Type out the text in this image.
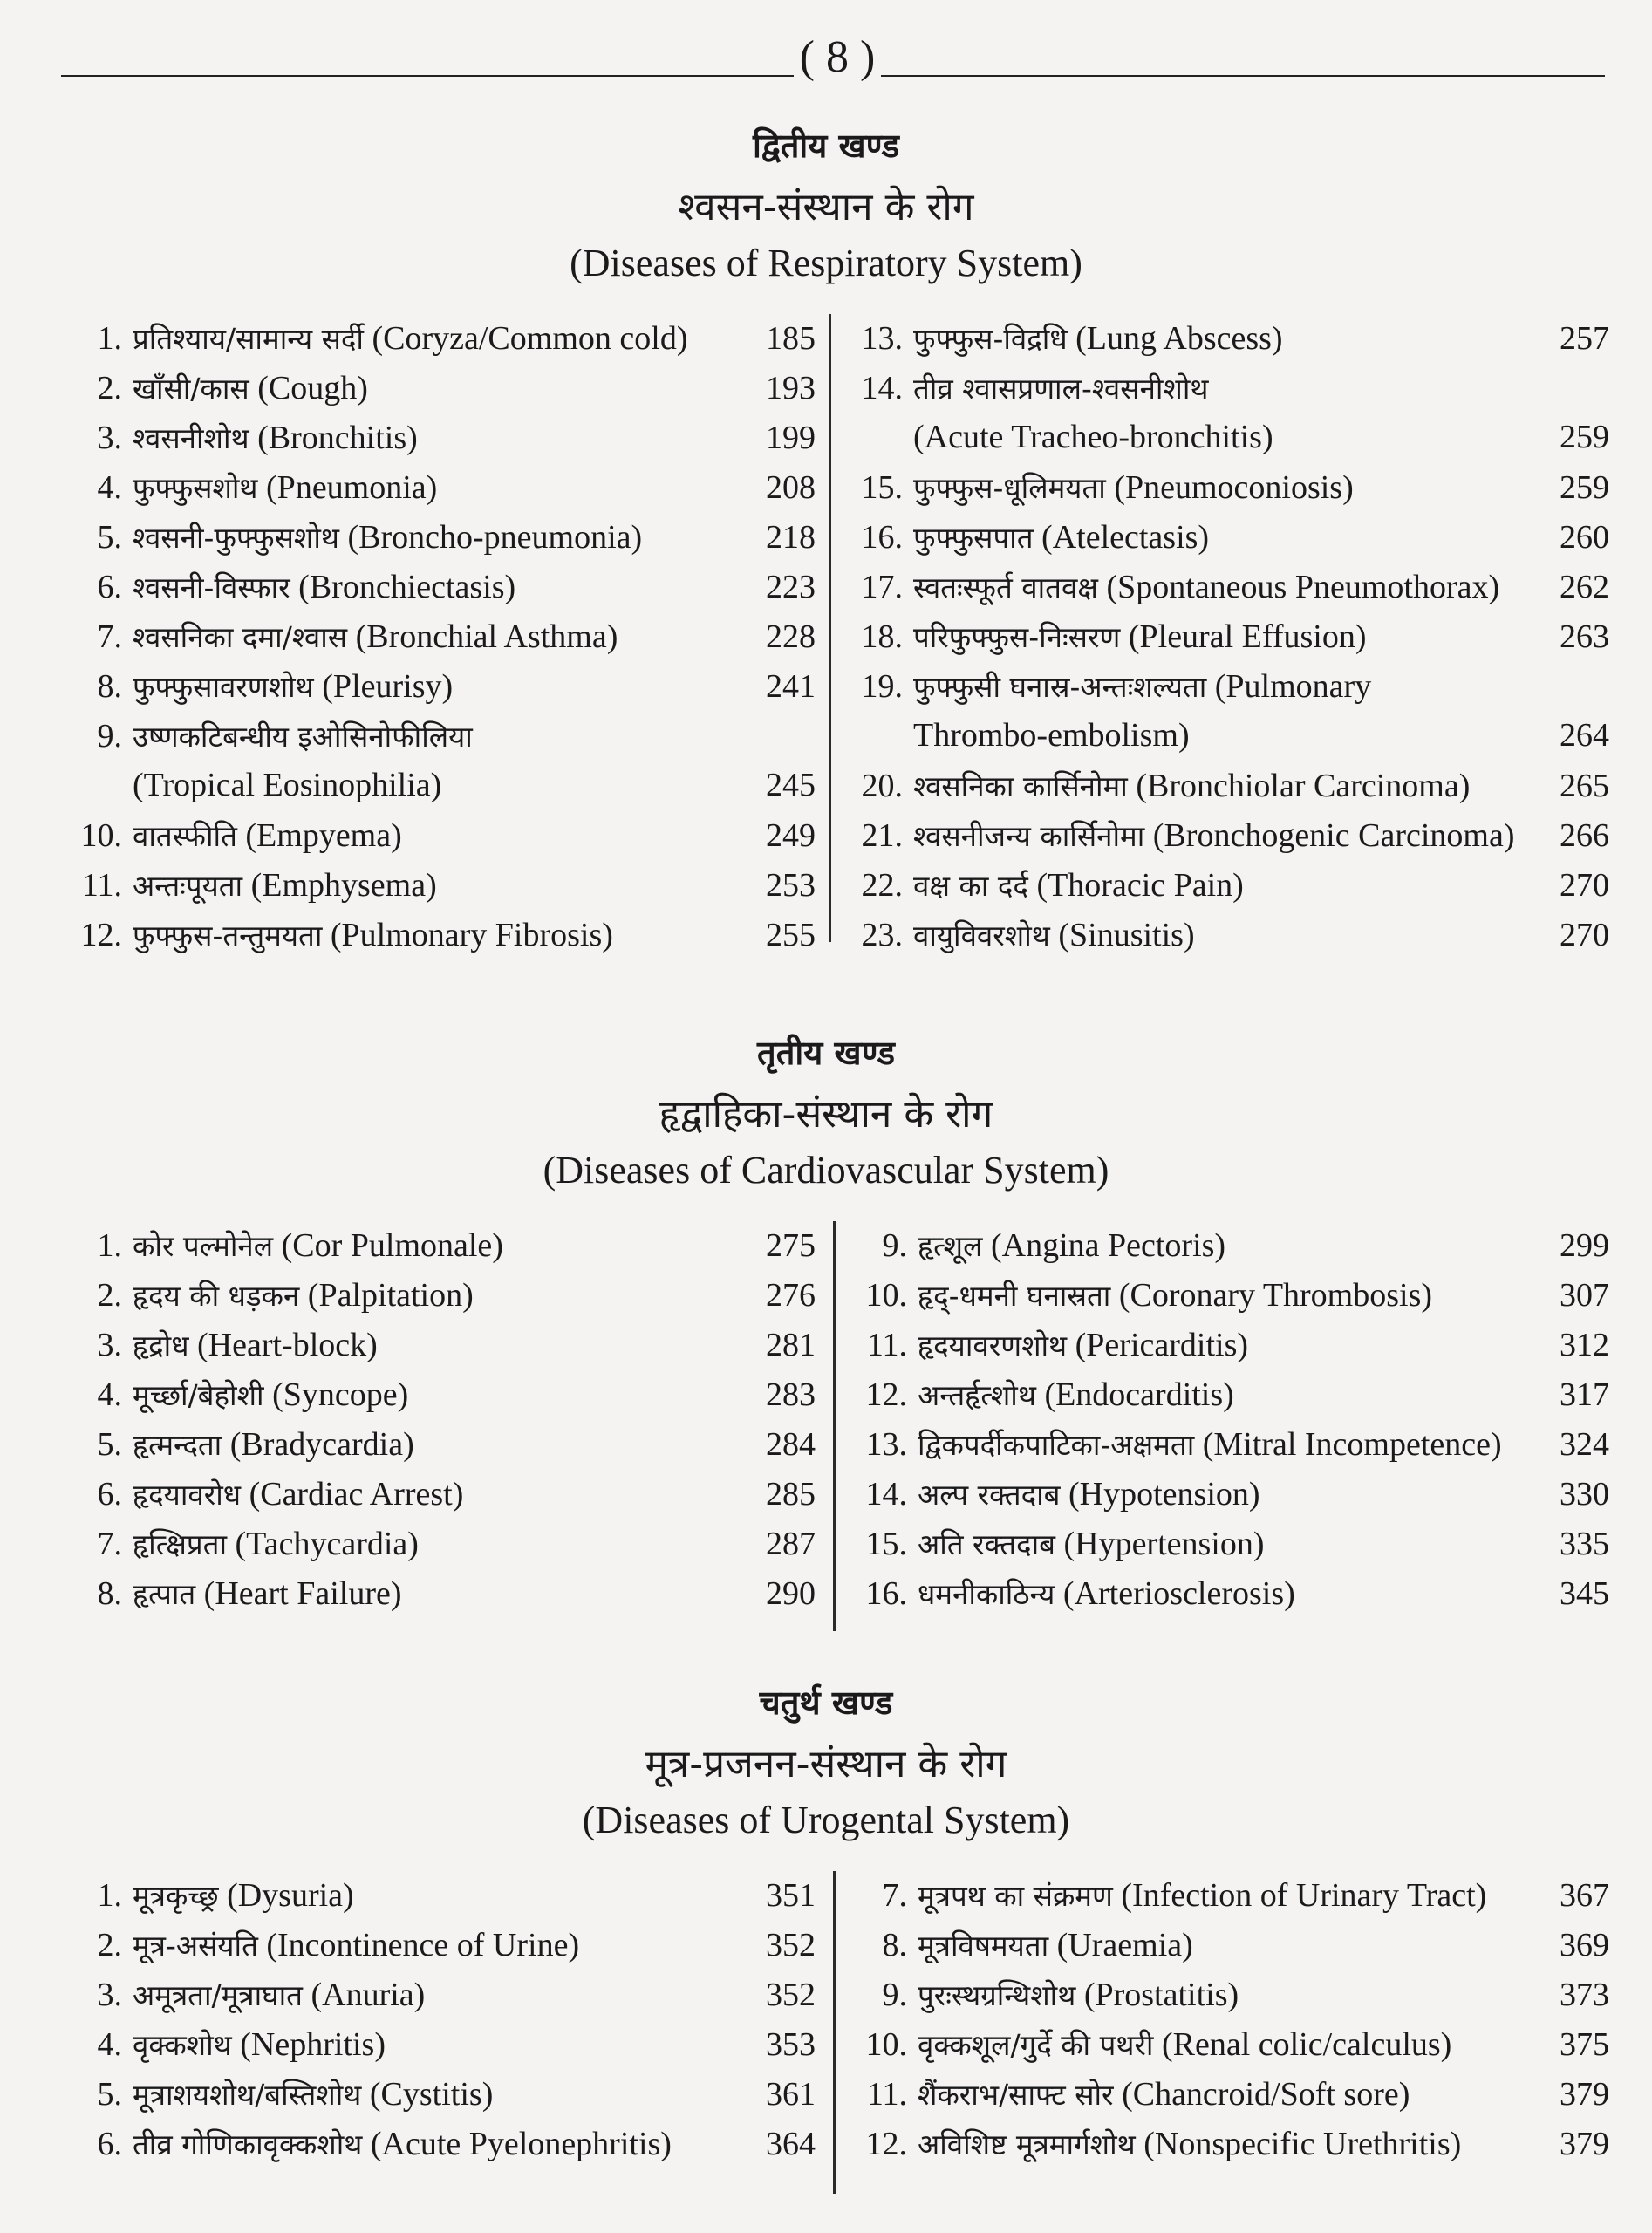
( 8 )
द्वितीय खण्ड
श्वसन-संस्थान के रोग
(Diseases of Respiratory System)
1. प्रतिश्याय/सामान्य सर्दी (Coryza/Common cold)	185
2. खाँसी/कास (Cough)	193
3. श्वसनीशोथ (Bronchitis)	199
4. फुफ्फुसशोथ (Pneumonia)	208
5. श्वसनी-फुफ्फुसशोथ (Broncho-pneumonia)	218
6. श्वसनी-विस्फार (Bronchiectasis)	223
7. श्वसनिका दमा/श्वास (Bronchial Asthma)	228
8. फुफ्फुसावरणशोथ (Pleurisy)	241
9. उष्णकटिबन्धीय इओसिनोफीलिया
(Tropical Eosinophilia)	245
10. वातस्फीति (Empyema)	249
11. अन्तःपूयता (Emphysema)	253
12. फुफ्फुस-तन्तुमयता (Pulmonary Fibrosis)	255
13. फुफ्फुस-विद्रधि (Lung Abscess)	257
14. तीव्र श्वासप्रणाल-श्वसनीशोथ
(Acute Tracheo-bronchitis)	259
15. फुफ्फुस-धूलिमयता (Pneumoconiosis)	259
16. फुफ्फुसपात (Atelectasis)	260
17. स्वतःस्फूर्त वातवक्ष (Spontaneous Pneumothorax)	262
18. परिफुफ्फुस-निःसरण (Pleural Effusion)	263
19. फुफ्फुसी घनास्र-अन्तःशल्यता (Pulmonary
Thrombo-embolism)	264
20. श्वसनिका कार्सिनोमा (Bronchiolar Carcinoma)	265
21. श्वसनीजन्य कार्सिनोमा (Bronchogenic Carcinoma)	266
22. वक्ष का दर्द (Thoracic Pain)	270
23. वायुविवरशोथ (Sinusitis)	270
तृतीय खण्ड
हृद्वाहिका-संस्थान के रोग
(Diseases of Cardiovascular System)
1. कोर पल्मोनेल (Cor Pulmonale)	275
2. हृदय की धड़कन (Palpitation)	276
3. हृद्रोध (Heart-block)	281
4. मूर्च्छा/बेहोशी (Syncope)	283
5. हृत्मन्दता (Bradycardia)	284
6. हृदयावरोध (Cardiac Arrest)	285
7. हृत्क्षिप्रता (Tachycardia)	287
8. हृत्पात (Heart Failure)	290
9. हृत्शूल (Angina Pectoris)	299
10. हृद्-धमनी घनास्रता (Coronary Thrombosis)	307
11. हृदयावरणशोथ (Pericarditis)	312
12. अन्तर्हृत्शोथ (Endocarditis)	317
13. द्विकपर्दीकपाटिका-अक्षमता (Mitral Incompetence)	324
14. अल्प रक्तदाब (Hypotension)	330
15. अति रक्तदाब (Hypertension)	335
16. धमनीकाठिन्य (Arteriosclerosis)	345
चतुर्थ खण्ड
मूत्र-प्रजनन-संस्थान के रोग
(Diseases of Urogental System)
1. मूत्रकृच्छ्र (Dysuria)	351
2. मूत्र-असंयति (Incontinence of Urine)	352
3. अमूत्रता/मूत्राघात (Anuria)	352
4. वृक्कशोथ (Nephritis)	353
5. मूत्राशयशोथ/बस्तिशोथ (Cystitis)	361
6. तीव्र गोणिकावृक्कशोथ (Acute Pyelonephritis)	364
7. मूत्रपथ का संक्रमण (Infection of Urinary Tract)	367
8. मूत्रविषमयता (Uraemia)	369
9. पुरःस्थग्रन्थिशोथ (Prostatitis)	373
10. वृक्कशूल/गुर्दे की पथरी (Renal colic/calculus)	375
11. शैंकराभ/साफ्ट सोर (Chancroid/Soft sore)	379
12. अविशिष्ट मूत्रमार्गशोथ (Nonspecific Urethritis)	379
